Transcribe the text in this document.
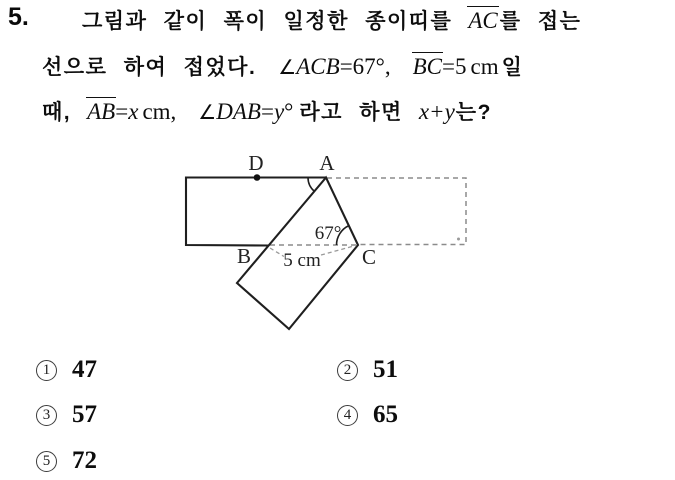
5.	그림과 같이 폭이 일정한 종이띠를 AC 를 접는
선으로 하여 접었다. ∠ ACB = 67 ° , BC = 5 cm 일
때, AB = x cm , ∠ DAB = y ° 라고 하면 x+y 는?
D	A
B	C
67°
5 cm
1 47	2 51
3 57	4 65
5 72
